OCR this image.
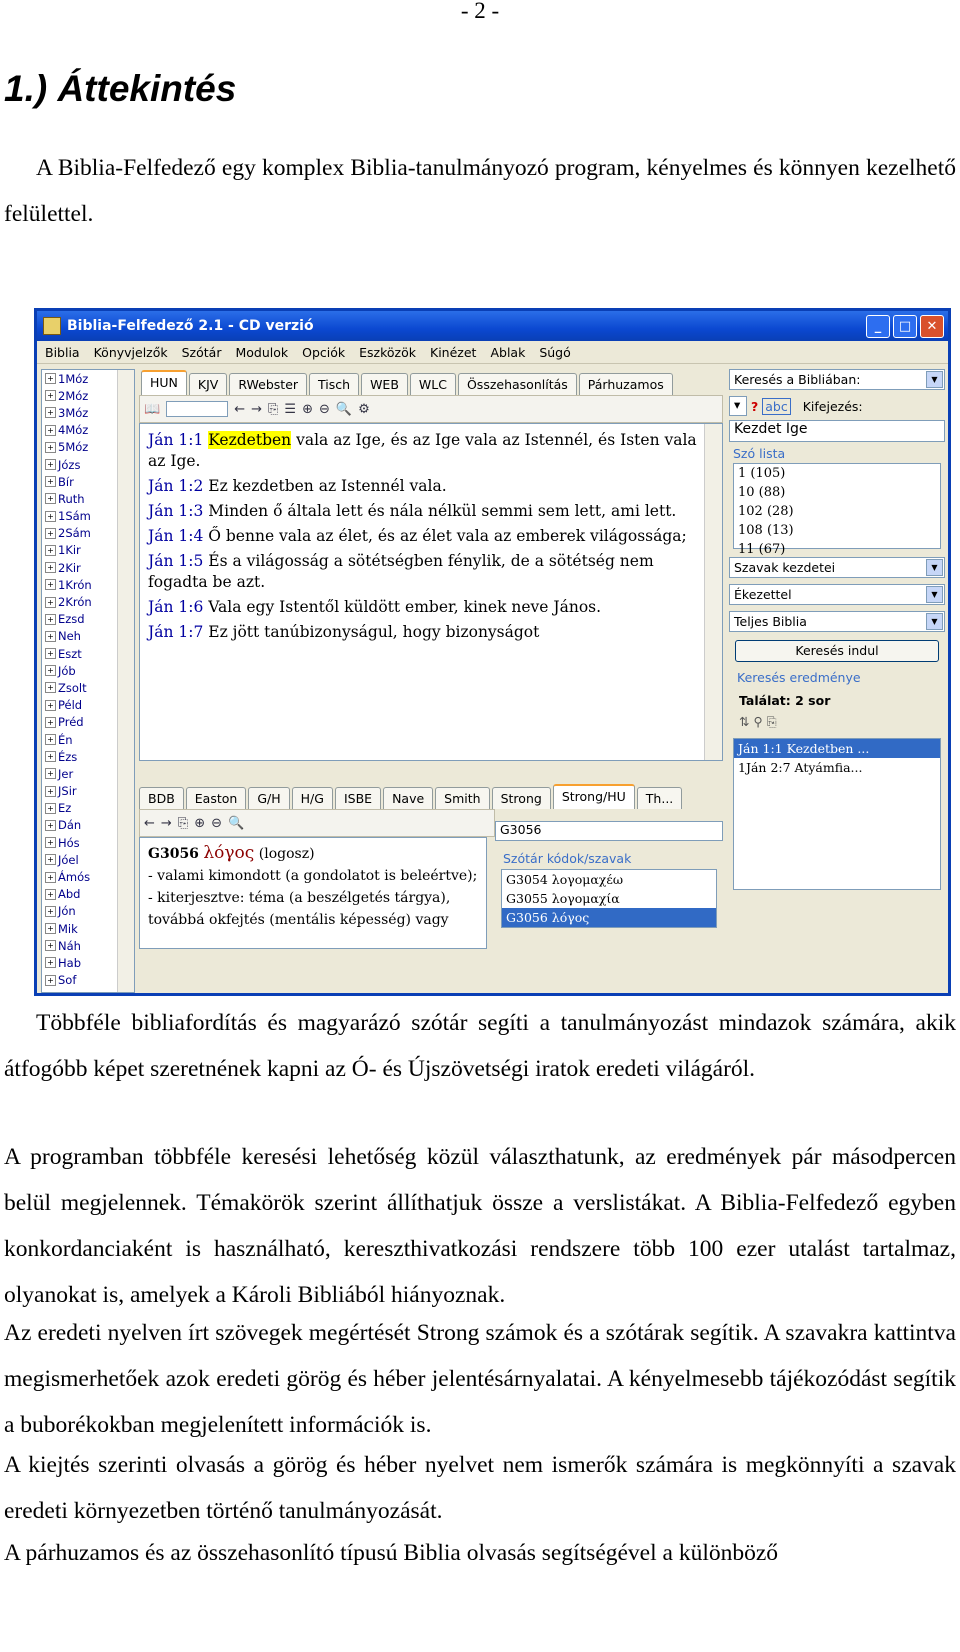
- 2 -
1.) Áttekintés

A Biblia-Felfedező egy komplex Biblia-tanulmányozó program, kényelmes és könnyen kezelhető felülettel.

Biblia-Felfedező 2.1 - CD verzió	_	□	✕
Biblia Könyvjelzők Szótár Modulok Opciók Eszközök Kinézet Ablak Súgó
+ 1Móz
+ 2Móz
+ 3Móz
+ 4Móz
+ 5Móz
+ Józs
+ Bír
+ Ruth
+ 1Sám
+ 2Sám
+ 1Kir
+ 2Kir
+ 1Krón
+ 2Krón
+ Ezsd
+ Neh
+ Eszt
+ Jób
+ Zsolt
+ Péld
+ Préd
+ Én
+ Ézs
+ Jer
+ JSir
+ Ez
+ Dán
+ Hós
+ Jóel
+ Ámós
+ Abd
+ Jón
+ Mik
+ Náh
+ Hab
+ Sof
HUN	KJV	RWebster	Tisch	WEB	WLC	Összehasonlítás	Párhuzamos
📖	← → ⎘ ☰ ⊕ ⊖ 🔍 ⚙
Ján 1:1 Kezdetben vala az Ige, és az Ige vala az Istennél, és Isten vala az Ige.
Ján 1:2 Ez kezdetben az Istennél vala.
Ján 1:3 Minden ő általa lett és nála nélkül semmi sem lett, ami lett.
Ján 1:4 Ő benne vala az élet, és az élet vala az emberek világossága;
Ján 1:5 És a világosság a sötétségben fénylik, de a sötétség nem fogadta be azt.
Ján 1:6 Vala egy Istentől küldött ember, kinek neve János.
Ján 1:7 Ez jött tanúbizonyságul, hogy bizonyságot
BDB	Easton	G/H	H/G	ISBE	Nave	Smith	Strong	Strong/HU	Th...
← → ⎘ ⊕ ⊖ 🔍
G3056 λόγος (logosz)
- valami kimondott (a gondolatot is beleértve);
- kiterjesztve: téma (a beszélgetés tárgya),
továbbá okfejtés (mentális képesség) vagy
G3056
Szótár kódok/szavak
G3054 λογομαχέω
G3055 λογομαχία
G3056 λόγος
Keresés a Bibliában:	▼
▾ ? abc Kifejezés:
Kezdet Ige
Szó lista
1 (105)
10 (88)
102 (28)
108 (13)
11 (67)
Szavak kezdetei	▼
Ékezettel	▼
Teljes Biblia	▼
Keresés indul
Keresés eredménye
Találat: 2 sor
⇅ ⚲ ⎘
Ján 1:1 Kezdetben ...
1Ján 2:7 Atyámfia...

Többféle bibliafordítás és magyarázó szótár segíti a tanulmányozást mindazok számára, akik átfogóbb képet szeretnének kapni az Ó- és Újszövetségi iratok eredeti világáról.

A programban többféle keresési lehetőség közül választhatunk, az eredmények pár másodpercen belül megjelennek. Témakörök szerint állíthatjuk össze a verslistákat. A Biblia-Felfedező egyben konkordanciaként is használható, kereszthivatkozási rendszere több 100 ezer utalást tartalmaz, olyanokat is, amelyek a Károli Bibliából hiányoznak.

Az eredeti nyelven írt szövegek megértését Strong számok és a szótárak segítik. A szavakra kattintva megismerhetőek azok eredeti görög és héber jelentésárnyalatai. A kényelmesebb tájékozódást segítik a buborékokban megjelenített információk is.

A kiejtés szerinti olvasás a görög és héber nyelvet nem ismerők számára is megkönnyíti a szavak eredeti környezetben történő tanulmányozását.

A párhuzamos és az összehasonlító típusú Biblia olvasás segítségével a különböző
